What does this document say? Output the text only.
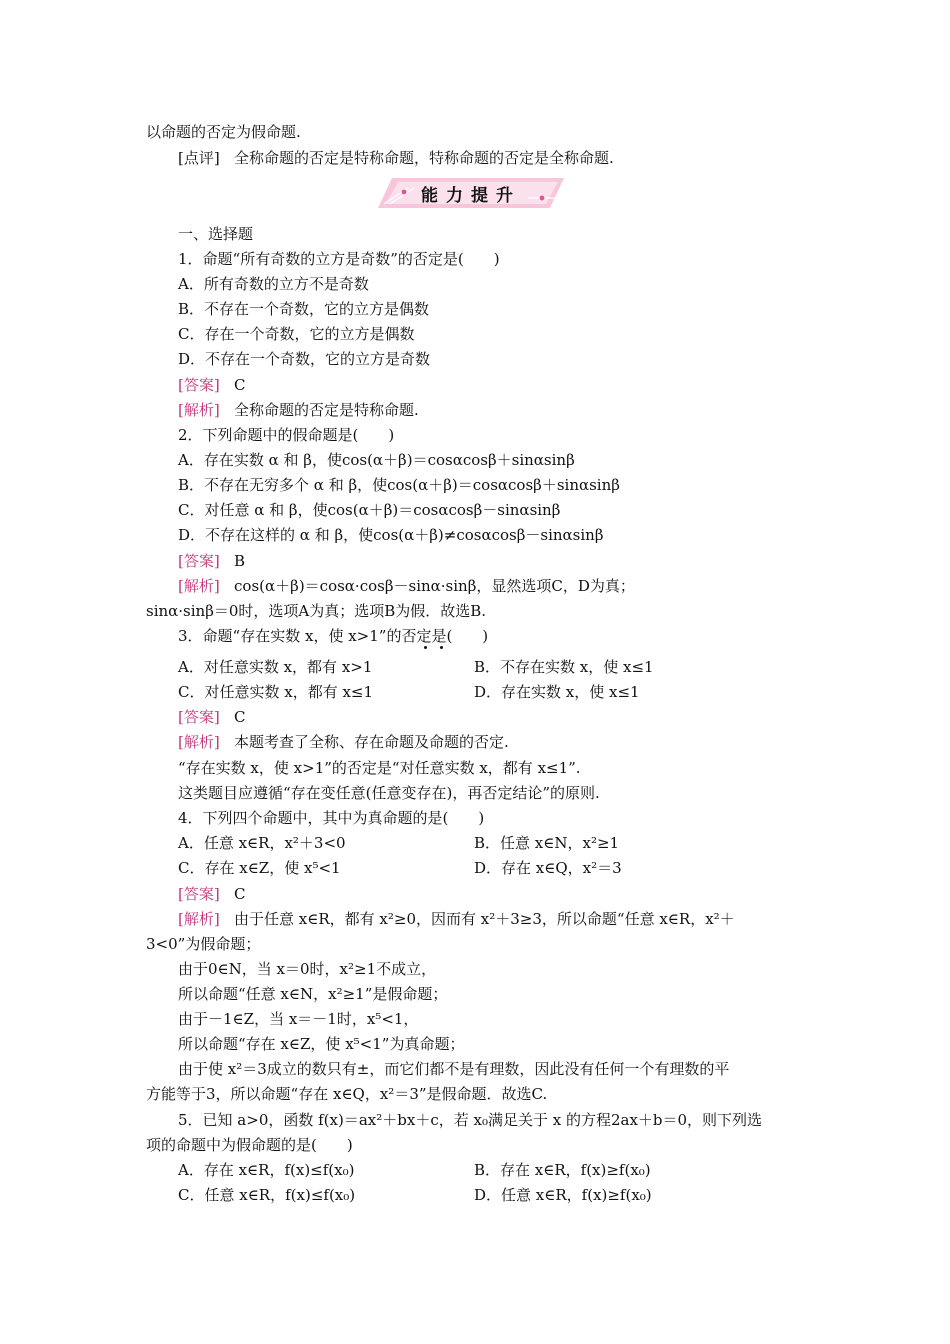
以命题的否定为假命题.
[点评] 全称命题的否定是特称命题，特称命题的否定是全称命题.
能力提升
一、选择题
1．命题“所有奇数的立方是奇数”的否定是(　　)
A．所有奇数的立方不是奇数
B．不存在一个奇数，它的立方是偶数
C．存在一个奇数，它的立方是偶数
D．不存在一个奇数，它的立方是奇数
[答案] C
[解析] 全称命题的否定是特称命题.
2．下列命题中的假命题是(　　)
A．存在实数 α 和 β，使cos(α＋β)＝cosαcosβ＋sinαsinβ
B．不存在无穷多个 α 和 β，使cos(α＋β)＝cosαcosβ＋sinαsinβ
C．对任意 α 和 β，使cos(α＋β)＝cosαcosβ－sinαsinβ
D．不存在这样的 α 和 β，使cos(α＋β)≠cosαcosβ－sinαsinβ
[答案] B
[解析] cos(α＋β)＝cosα·cosβ－sinα·sinβ，显然选项C，D为真；
sinα·sinβ＝0时，选项A为真；选项B为假．故选B.
3．命题“存在实数 x，使 x>1”的否定是(　　)
A．对任意实数 x，都有 x>1	B．不存在实数 x，使 x≤1
C．对任意实数 x，都有 x≤1	D．存在实数 x，使 x≤1
[答案] C
[解析] 本题考查了全称、存在命题及命题的否定.
“存在实数 x，使 x>1”的否定是“对任意实数 x，都有 x≤1”.
这类题目应遵循“存在变任意(任意变存在)，再否定结论”的原则.
4．下列四个命题中，其中为真命题的是(　　)
A．任意 x∈R，x²＋3<0	B．任意 x∈N，x²≥1
C．存在 x∈Z，使 x⁵<1	D．存在 x∈Q，x²＝3
[答案] C
[解析] 由于任意 x∈R，都有 x²≥0，因而有 x²＋3≥3，所以命题“任意 x∈R，x²＋
3<0”为假命题；
由于0∈N，当 x＝0时，x²≥1不成立，
所以命题“任意 x∈N，x²≥1”是假命题；
由于－1∈Z，当 x＝－1时，x⁵<1，
所以命题“存在 x∈Z，使 x⁵<1”为真命题；
由于使 x²＝3成立的数只有±，而它们都不是有理数，因此没有任何一个有理数的平
方能等于3，所以命题“存在 x∈Q，x²＝3”是假命题．故选C.
5．已知 a>0，函数 f(x)＝ax²＋bx＋c，若 x₀满足关于 x 的方程2ax＋b＝0，则下列选
项的命题中为假命题的是(　　)
A．存在 x∈R，f(x)≤f(x₀)	B．存在 x∈R，f(x)≥f(x₀)
C．任意 x∈R，f(x)≤f(x₀)	D．任意 x∈R，f(x)≥f(x₀)
